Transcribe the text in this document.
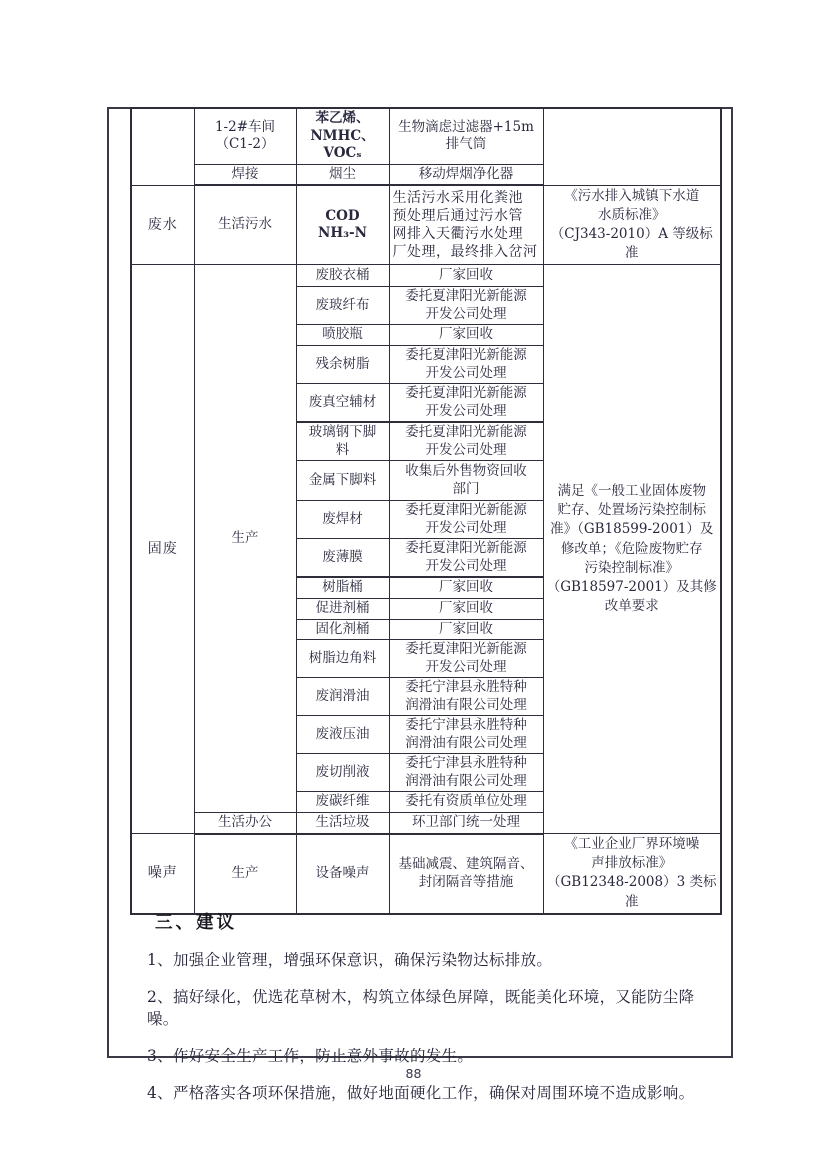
	1-2#车间
（C1-2）	苯乙烯、
NMHC、
VOCₛ	生物滴虑过滤器+15m
排气筒	
	焊接	烟尘	移动焊烟净化器	
废水	生活污水	COD
NH₃-N	生活污水采用化粪池
预处理后通过污水管
网排入天衢污水处理
厂处理，最终排入岔河	《污水排入城镇下水道
水质标准》
（CJ343-2010）A 等级标
准
固废	生产	废胶衣桶	厂家回收	满足《一般工业固体废物
贮存、处置场污染控制标
准》（GB18599-2001）及
修改单；《危险废物贮存
污染控制标准》
（GB18597-2001）及其修
改单要求
		废玻纤布	委托夏津阳光新能源
开发公司处理	
		喷胶瓶	厂家回收	
		残余树脂	委托夏津阳光新能源
开发公司处理	
		废真空辅材	委托夏津阳光新能源
开发公司处理	
		玻璃钢下脚
料	委托夏津阳光新能源
开发公司处理	
		金属下脚料	收集后外售物资回收
部门	
		废焊材	委托夏津阳光新能源
开发公司处理	
		废薄膜	委托夏津阳光新能源
开发公司处理	
		树脂桶	厂家回收	
		促进剂桶	厂家回收	
		固化剂桶	厂家回收	
		树脂边角料	委托夏津阳光新能源
开发公司处理	
		废润滑油	委托宁津县永胜特种
润滑油有限公司处理	
		废液压油	委托宁津县永胜特种
润滑油有限公司处理	
		废切削液	委托宁津县永胜特种
润滑油有限公司处理	
		废碳纤维	委托有资质单位处理	
	生活办公	生活垃圾	环卫部门统一处理	
噪声	生产	设备噪声	基础减震、建筑隔音、
封闭隔音等措施	《工业企业厂界环境噪
声排放标准》
（GB12348-2008）3 类标
准
三、建议

1、加强企业管理，增强环保意识，确保污染物达标排放。

2、搞好绿化，优选花草树木，构筑立体绿色屏障，既能美化环境，又能防尘降噪。

3、作好安全生产工作，防止意外事故的发生。

4、严格落实各项环保措施，做好地面硬化工作，确保对周围环境不造成影响。

88
